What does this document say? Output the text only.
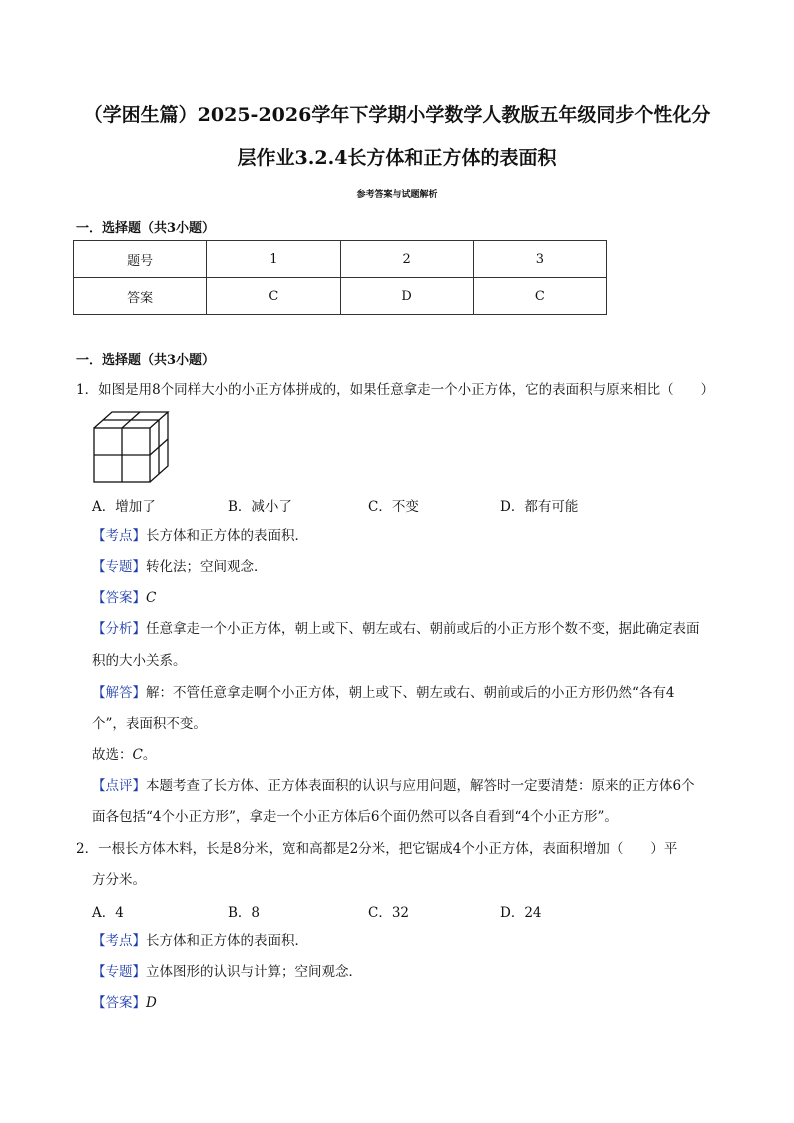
（学困生篇）2025-2026学年下学期小学数学人教版五年级同步个性化分
层作业3.2.4长方体和正方体的表面积
参考答案与试题解析
一．选择题（共3小题）
题号	1	2	3
答案	C	D	C
一．选择题（共3小题）
1．如图是用8个同样大小的小正方体拼成的，如果任意拿走一个小正方体，它的表面积与原来相比（　　）
A．增加了	B．减小了	C．不变	D．都有可能
【考点】长方体和正方体的表面积．
【专题】转化法；空间观念．
【答案】C
【分析】任意拿走一个小正方体，朝上或下、朝左或右、朝前或后的小正方形个数不变，据此确定表面
积的大小关系。
【解答】解：不管任意拿走啊个小正方体，朝上或下、朝左或右、朝前或后的小正方形仍然“各有4
个”，表面积不变。
故选：C。
【点评】本题考查了长方体、正方体表面积的认识与应用问题，解答时一定要清楚：原来的正方体6个
面各包括“4个小正方形”，拿走一个小正方体后6个面仍然可以各自看到“4个小正方形”。
2．一根长方体木料，长是8分米，宽和高都是2分米，把它锯成4个小正方体，表面积增加（　　）平
方分米。
A．4	B．8	C．32	D．24
【考点】长方体和正方体的表面积．
【专题】立体图形的认识与计算；空间观念．
【答案】D
